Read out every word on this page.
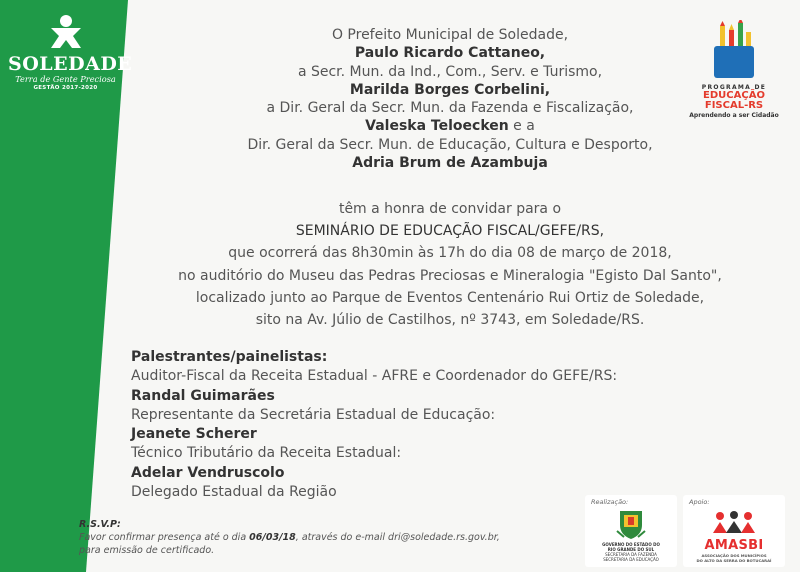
SOLEDADE
Terra de Gente Preciosa
GESTÃO 2017-2020
O Prefeito Municipal de Soledade,
Paulo Ricardo Cattaneo,
a Secr. Mun. da Ind., Com., Serv. e Turismo,
Marilda Borges Corbelini,
a Dir. Geral da Secr. Mun. da Fazenda e Fiscalização,
Valeska Teloecken e a
Dir. Geral da Secr. Mun. de Educação, Cultura e Desporto,
Adria Brum de Azambuja
têm a honra de convidar para o
SEMINÁRIO DE EDUCAÇÃO FISCAL/GEFE/RS,
que ocorrerá das 8h30min às 17h do dia 08 de março de 2018,
no auditório do Museu das Pedras Preciosas e Mineralogia "Egisto Dal Santo",
localizado junto ao Parque de Eventos Centenário Rui Ortiz de Soledade,
sito na Av. Júlio de Castilhos, nº 3743, em Soledade/RS.
Palestrantes/painelistas:
Auditor-Fiscal da Receita Estadual - AFRE e Coordenador do GEFE/RS:
Randal Guimarães
Representante da Secretária Estadual de Educação:
Jeanete Scherer
Técnico Tributário da Receita Estadual:
Adelar Vendruscolo
Delegado Estadual da Região
R.S.V.P:
Favor confirmar presença até o dia 06/03/18, através do e-mail dri@soledade.rs.gov.br,
para emissão de certificado.
PROGRAMA DE
EDUCAÇÃO
FISCAL-RS
Aprendendo a ser Cidadão
Realização:
GOVERNO DO ESTADO DO
RIO GRANDE DO SUL
SECRETARIA DA FAZENDA
SECRETARIA DA EDUCAÇÃO
Apoio:
AMASBI
ASSOCIAÇÃO DOS MUNICÍPIOS
DO ALTO DA SERRA DO BOTUCARAÍ
